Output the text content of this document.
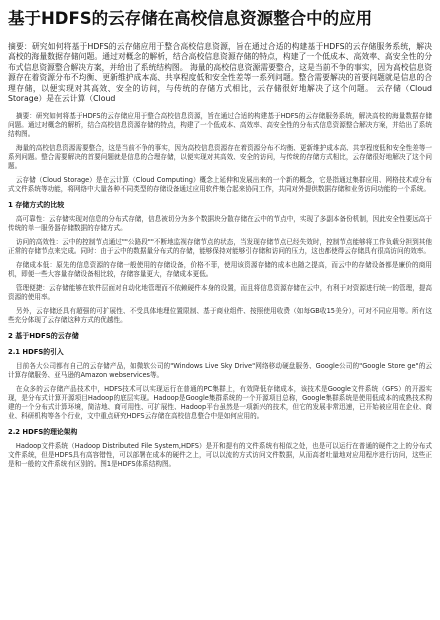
基于HDFS的云存储在高校信息资源整合中的应用
摘要：研究如何将基于HDFS的云存储应用于整合高校信息资源，旨在通过合适的构建基于HDFS的云存储服务系统，解决高校的海量数据存储问题。通过对概念的解析，结合高校信息资源存储的特点，构建了一个低成本、高效率、高安全性的分布式信息资源整合解决方案，并给出了系统结构图。 海量的高校信息资源需要整合，这是当前不争的事实，因为高校信息资源存在着资源分布不均衡、更新维护成本高、共享程度低和安全性差等一系列问题。整合需要解决的首要问题就是信息的合理存储，以便实现对其高效、安全的访问，与传统的存储方式相比，云存储很好地解决了这个问题。 云存储（Cloud Storage）是在云计算（Cloud

摘要：研究如何将基于HDFS的云存储应用于整合高校信息资源，旨在通过合适的构建基于HDFS的云存储服务系统，解决高校的海量数据存储问题。通过对概念的解析，结合高校信息资源存储的特点，构建了一个低成本、高效率、高安全性的分布式信息资源整合解决方案，并给出了系统结构图。

海量的高校信息资源需要整合，这是当前不争的事实，因为高校信息资源存在着资源分布不均衡、更新维护成本高、共享程度低和安全性差等一系列问题。整合需要解决的首要问题就是信息的合理存储，以便实现对其高效、安全的访问，与传统的存储方式相比，云存储很好地解决了这个问题。

云存储（Cloud Storage）是在云计算（Cloud Computing）概念上延伸和发展出来的一个新的概念，它是指通过集群应用、网格技术或分布式文件系统等功能，将网络中大量各种不同类型的存储设备通过应用软件集合起来协同工作，共同对外提供数据存储和业务访问功能的一个系统。

1 存储方式的比较

高可靠性：云存储实现对信息的分布式存储，信息被切分为多个数据块分散存储在云中的节点中，实现了多副本备份机制，因此安全性要远高于传统的单一服务器存储数据的存储方式。

访问的高效性：云中的控制节点通过""公路段""不断地监视存储节点的状态，当发现存储节点已经失效时，控制节点能够将工作负载分担到其他正常的存储节点来完成。同时：由于云中的数据量分布式的存储，能够保持对能够引存储和访问的压力，这也都使得云存储具有很高访问的效率。

存储成本低：原先的信息资源的存储一般使用的存储设备，价格不菲，使用该资源存储的成本也随之提高，而云中的存储设备都是廉价的商用机，即便一些大容量存储设备相比较，存储容量更大，存储成本更低。

管理便捷：云存储能够在软件层面对自动化地管理而不依赖硬件本身的设置，而且将信息资源存储在云中，有利于对资源进行统一的管理，提高资源的使用率。

另外，云存储还具有超强的可扩展性、不受具体地理位置限制、基于商业组件、按照使用收费（如每GB收15美分），可对不同应用等。所有这些充分体现了云存储这种方式的优越性。

2 基于HDFS的云存储
2.1 HDFS的引入

目前各大公司都有自己的云存储产品，如微软公司的"Windows Live Sky Drive"网络移动硬盘服务、Google公司的"Google Store ge"的云计算存储服务、亚马逊的Amazon webservices等。

在众多的云存储产品技术中，HDFS技术可以实现运行在普通的PC集群上，有效降低存储成本，该技术是Google文件系统（GFS）的开源实现，是分布式计算开源项目Hadoop的底层实现。Hadoop是Google集群系统的一个开源项目总称，Google集群系统是使用低成本的成熟技术构建的一个分布式计算环境，简洁地、商可用性、可扩展性、Hadoop平台虽然是一项新兴的技术，但它的发展非常迅速，已开始被应用在企业、商业、科研机构等各个行业，文中重点研究HDFS云存储在高校信息整合中是如何应用的。

2.2 HDFS的理论架构

Hadoop文件系统（Hadoop Distributed File System,HDFS）是开和提有的文件系统有相似之处，也是可以运行在普通的硬件之上的分布式文件系统，但是HDFS具有高容错性，可以部署在成本的硬件之上，可以以流的方式访问文件数据，从而高者吐量地对应用程序进行访问，这些正是和一般的文件系统有区别的。图1是HDFS体系结构图。
